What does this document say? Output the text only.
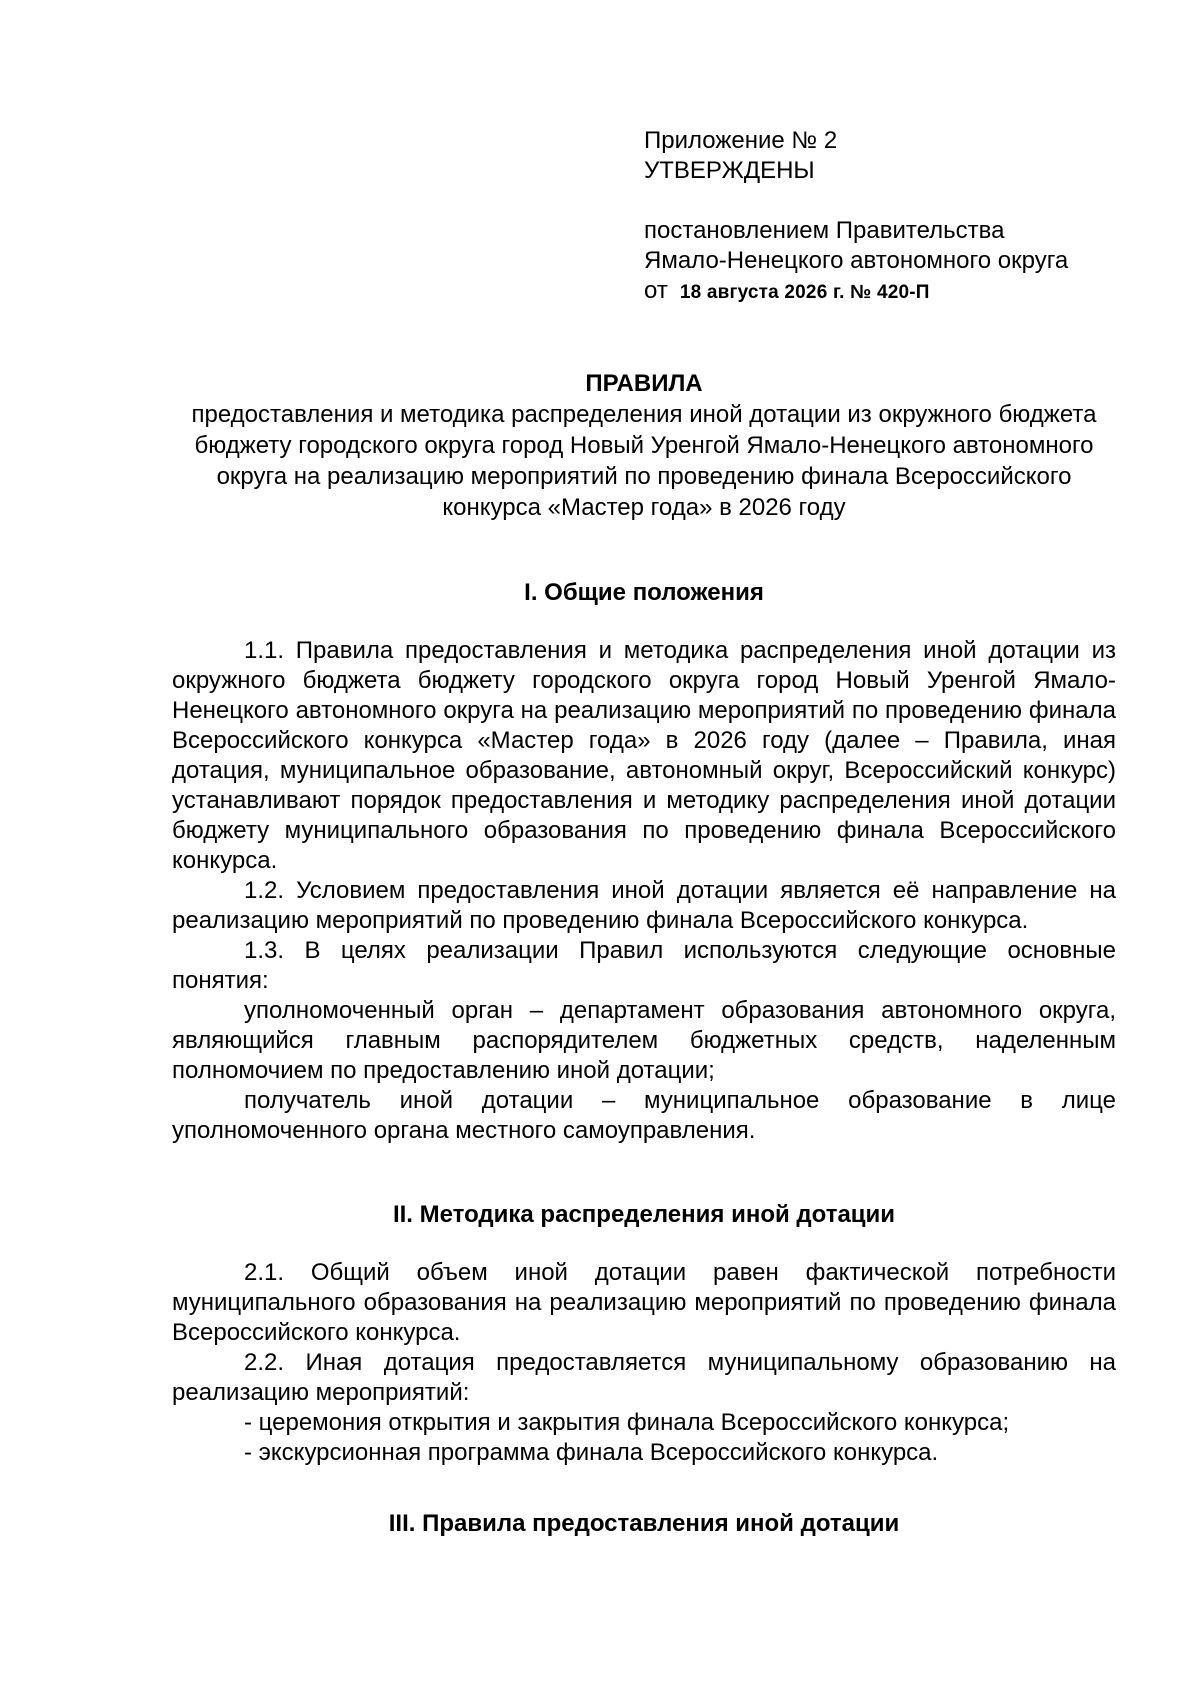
Приложение № 2
УТВЕРЖДЕНЫ
постановлением Правительства
Ямало-Ненецкого автономного округа
от 18 августа 2026 г. № 420-П
ПРАВИЛА
предоставления и методика распределения иной дотации из окружного бюджета бюджету городского округа город Новый Уренгой Ямало-Ненецкого автономного округа на реализацию мероприятий по проведению финала Всероссийского конкурса «Мастер года» в 2026 году
I. Общие положения

1.1. Правила предоставления и методика распределения иной дотации из окружного бюджета бюджету городского округа город Новый Уренгой Ямало-Ненецкого автономного округа на реализацию мероприятий по проведению финала Всероссийского конкурса «Мастер года» в 2026 году (далее – Правила, иная дотация, муниципальное образование, автономный округ, Всероссийский конкурс) устанавливают порядок предоставления и методику распределения иной дотации бюджету муниципального образования по проведению финала Всероссийского конкурса.

1.2. Условием предоставления иной дотации является её направление на реализацию мероприятий по проведению финала Всероссийского конкурса.

1.3. В целях реализации Правил используются следующие основные понятия:

уполномоченный орган – департамент образования автономного округа, являющийся главным распорядителем бюджетных средств, наделенным полномочием по предоставлению иной дотации;

получатель иной дотации – муниципальное образование в лице уполномоченного органа местного самоуправления.

II. Методика распределения иной дотации

2.1. Общий объем иной дотации равен фактической потребности муниципального образования на реализацию мероприятий по проведению финала Всероссийского конкурса.

2.2. Иная дотация предоставляется муниципальному образованию на реализацию мероприятий:

- церемония открытия и закрытия финала Всероссийского конкурса;

- экскурсионная программа финала Всероссийского конкурса.

III. Правила предоставления иной дотации
